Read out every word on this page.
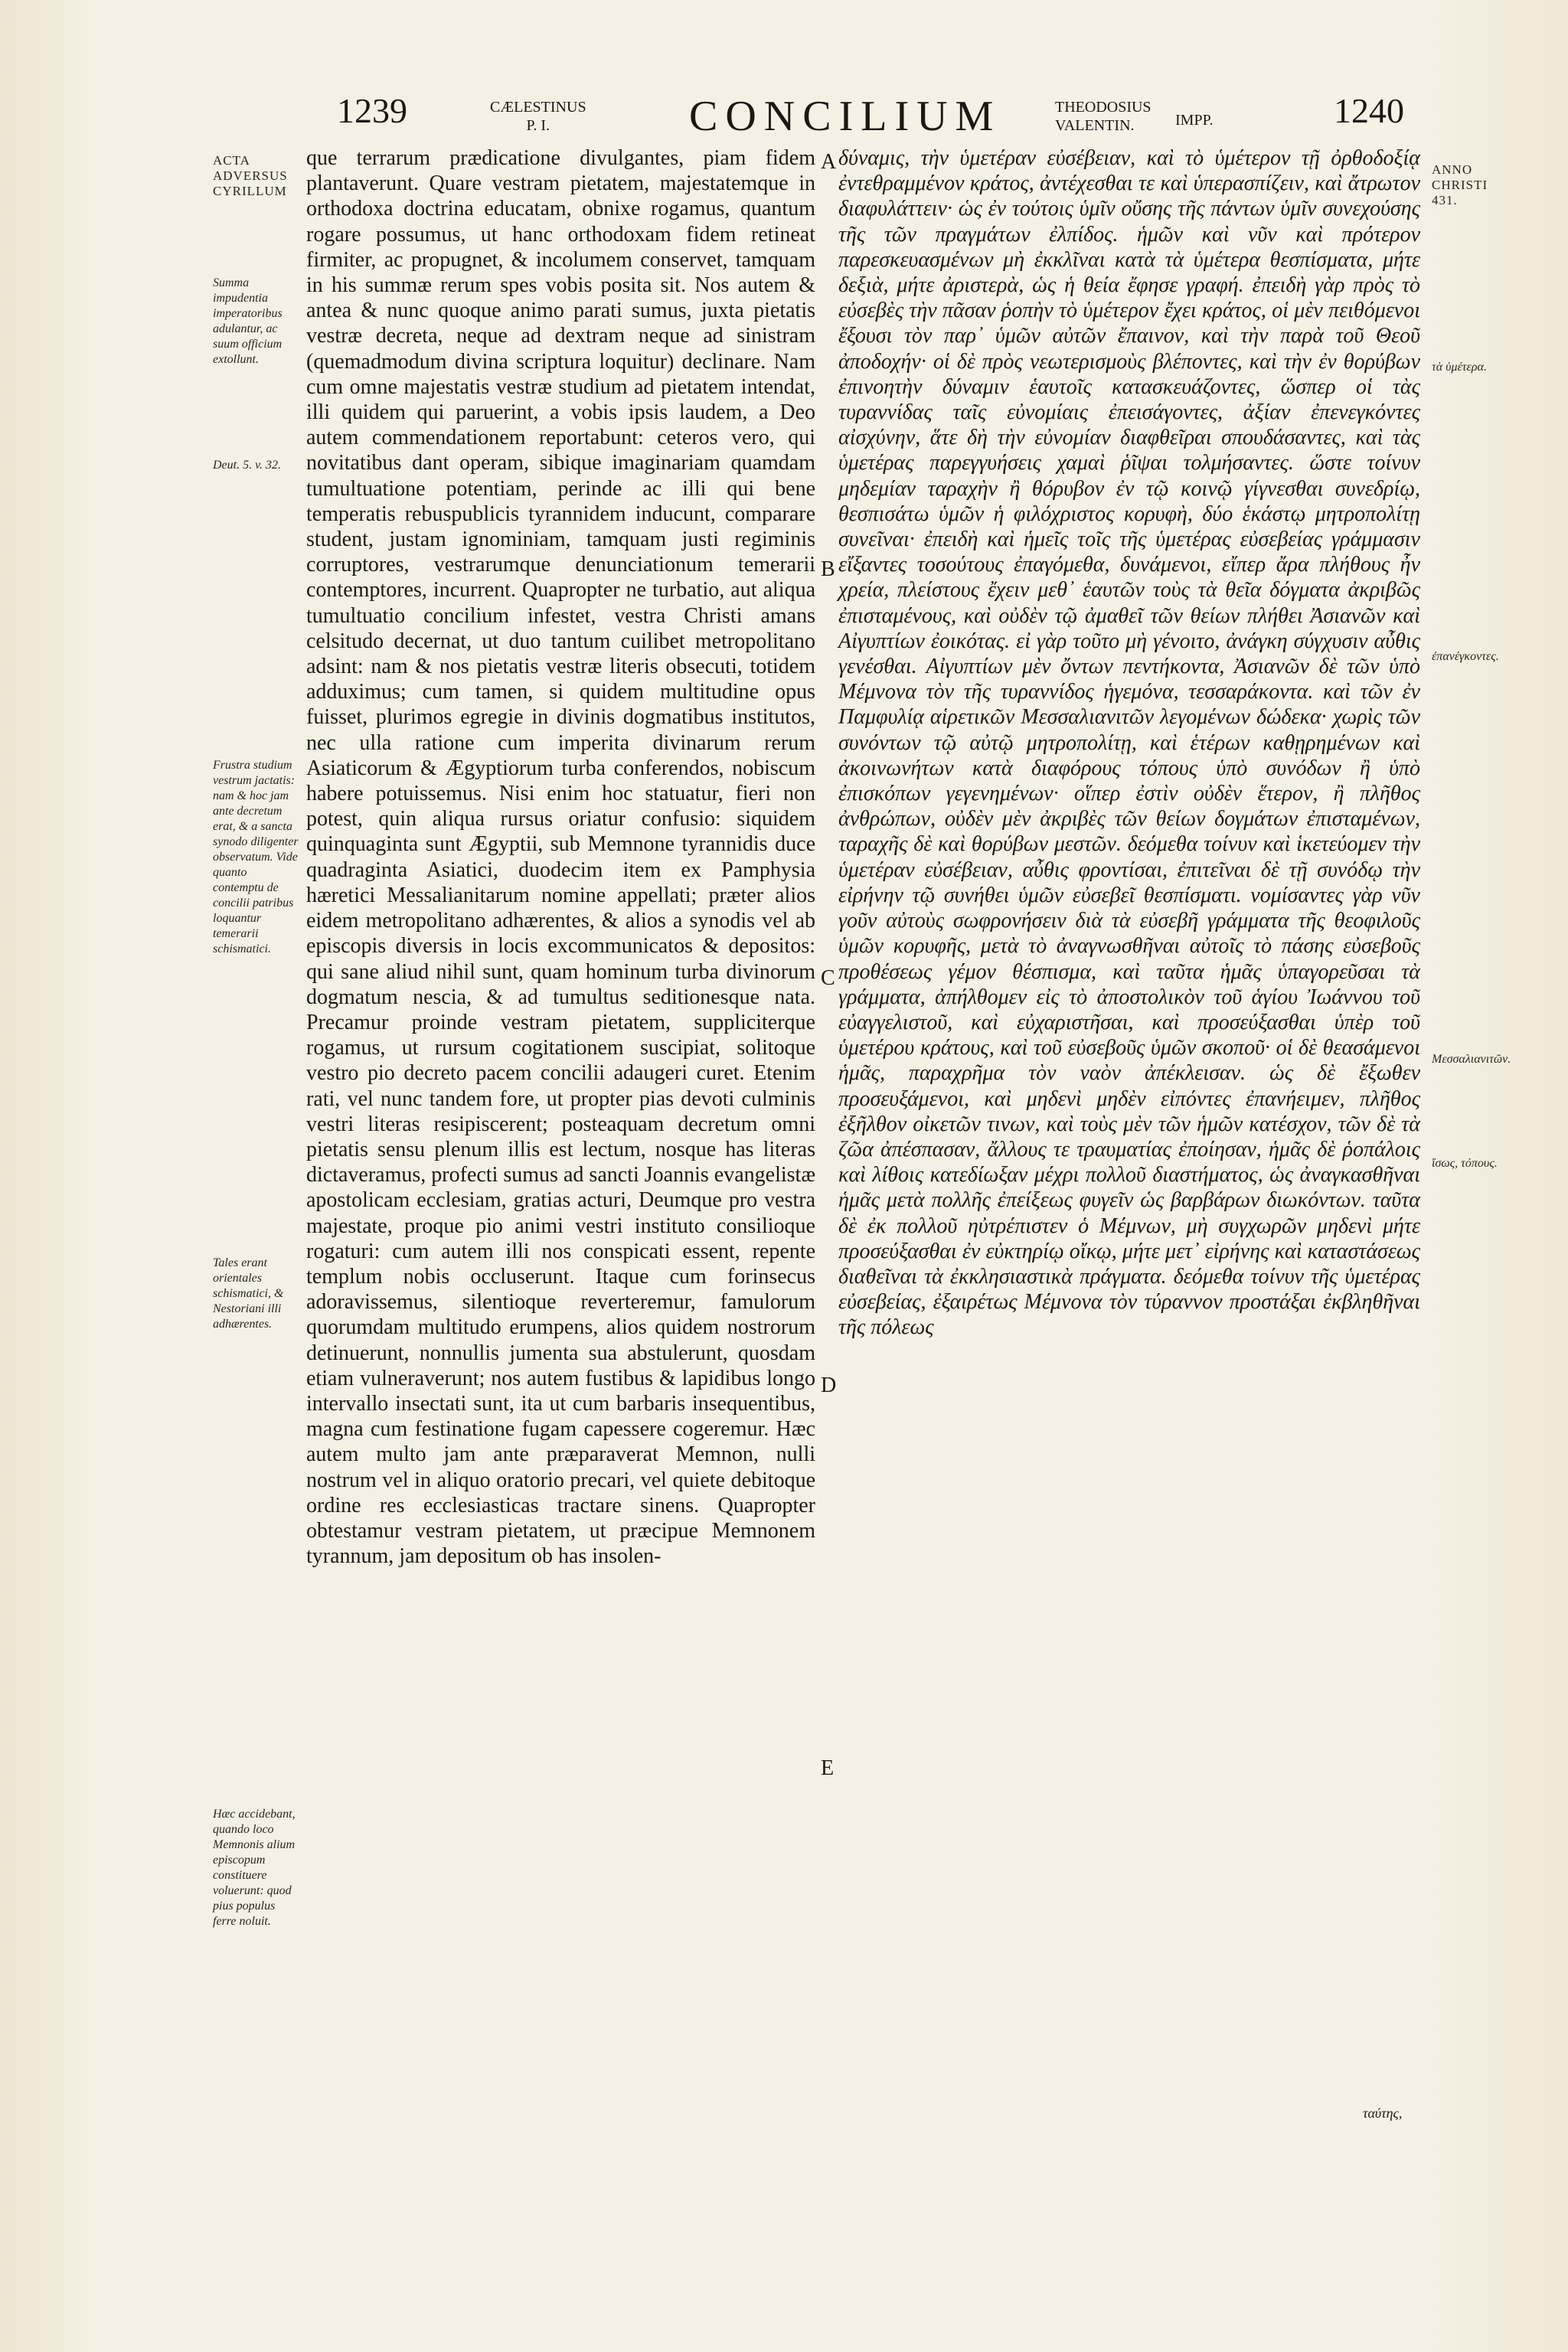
1239	CÆLESTINUS
P. I.	CONCILIUM	THEODOSIUS
VALENTIN.	IMPP.	1240
ACTA ADVERSUS CYRILLUM
Summa impudentia imperatoribus adulantur, ac suum officium extollunt.
Deut. 5. v. 32.
Frustra studium vestrum jactatis: nam & hoc jam ante decretum erat, & a sancta synodo diligenter observatum. Vide quanto contemptu de concilii patribus loquantur temerarii schismatici.
Tales erant orientales schismatici, & Nestoriani illi adhærentes.
Hæc accidebant, quando loco Memnonis alium episcopum constituere voluerunt: quod pius populus ferre noluit.
ANNO CHRISTI 431.
τὰ ὑμέτερα.
ἐπανέγκοντες.
Μεσσαλιανιτῶν.
ἴσως, τόπους.
A
B
C
D
E
que terrarum prædicatione divulgantes, piam fidem plantaverunt. Quare vestram pietatem, majestatemque in orthodoxa doctrina educatam, obnixe rogamus, quantum rogare possumus, ut hanc orthodoxam fidem retineat firmiter, ac propugnet, & incolumem conservet, tamquam in his summæ rerum spes vobis posita sit. Nos autem & antea & nunc quoque animo parati sumus, juxta pietatis vestræ decreta, neque ad dextram neque ad sinistram (quemadmodum divina scriptura loquitur) declinare. Nam cum omne majestatis vestræ studium ad pietatem intendat, illi quidem qui paruerint, a vobis ipsis laudem, a Deo autem commendationem reportabunt: ceteros vero, qui novitatibus dant operam, sibique imaginariam quamdam tumultuatione potentiam, perinde ac illi qui bene temperatis rebuspublicis tyrannidem inducunt, comparare student, justam ignominiam, tamquam justi regiminis corruptores, vestrarumque denunciationum temerarii contemptores, incurrent. Quapropter ne turbatio, aut aliqua tumultuatio concilium infestet, vestra Christi amans celsitudo decernat, ut duo tantum cuilibet metropolitano adsint: nam & nos pietatis vestræ literis obsecuti, totidem adduximus; cum tamen, si quidem multitudine opus fuisset, plurimos egregie in divinis dogmatibus institutos, nec ulla ratione cum imperita divinarum rerum Asiaticorum & Ægyptiorum turba conferendos, nobiscum habere potuissemus. Nisi enim hoc statuatur, fieri non potest, quin aliqua rursus oriatur confusio: siquidem quinquaginta sunt Ægyptii, sub Memnone tyrannidis duce quadraginta Asiatici, duodecim item ex Pamphysia hæretici Messalianitarum nomine appellati; præter alios eidem metropolitano adhærentes, & alios a synodis vel ab episcopis diversis in locis excommunicatos & depositos: qui sane aliud nihil sunt, quam hominum turba divinorum dogmatum nescia, & ad tumultus seditionesque nata. Precamur proinde vestram pietatem, suppliciterque rogamus, ut rursum cogitationem suscipiat, solitoque vestro pio decreto pacem concilii adaugeri curet. Etenim rati, vel nunc tandem fore, ut propter pias devoti culminis vestri literas resipiscerent; posteaquam decretum omni pietatis sensu plenum illis est lectum, nosque has literas dictaveramus, profecti sumus ad sancti Joannis evangelistæ apostolicam ecclesiam, gratias acturi, Deumque pro vestra majestate, proque pio animi vestri instituto consilioque rogaturi: cum autem illi nos conspicati essent, repente templum nobis occluserunt. Itaque cum forinsecus adoravissemus, silentioque reverteremur, famulorum quorumdam multitudo erumpens, alios quidem nostrorum detinuerunt, nonnullis jumenta sua abstulerunt, quosdam etiam vulneraverunt; nos autem fustibus & lapidibus longo intervallo insectati sunt, ita ut cum barbaris insequentibus, magna cum festinatione fugam capessere cogeremur. Hæc autem multo jam ante præparaverat Memnon, nulli nostrum vel in aliquo oratorio precari, vel quiete debitoque ordine res ecclesiasticas tractare sinens. Quapropter obtestamur vestram pietatem, ut præcipue Memnonem tyrannum, jam depositum ob has insolen-
δύναμις, τὴν ὑμετέραν εὐσέβειαν, καὶ τὸ ὑμέτερον τῇ ὀρθοδοξίᾳ ἐντεθραμμένον κράτος, ἀντέχεσθαι τε καὶ ὑπερασπίζειν, καὶ ἄτρωτον διαφυλάττειν· ὡς ἐν τούτοις ὑμῖν οὔσης τῆς πάντων ὑμῖν συνεχούσης τῆς τῶν πραγμάτων ἐλπίδος. ἡμῶν καὶ νῦν καὶ πρότερον παρεσκευασμένων μὴ ἐκκλῖναι κατὰ τὰ ὑμέτερα θεσπίσματα, μήτε δεξιὰ, μήτε ἀριστερὰ, ὡς ἡ θεία ἔφησε γραφή. ἐπειδὴ γὰρ πρὸς τὸ εὐσεβὲς τὴν πᾶσαν ῥοπὴν τὸ ὑμέτερον ἔχει κράτος, οἱ μὲν πειθόμενοι ἔξουσι τὸν παρ᾽ ὑμῶν αὐτῶν ἔπαινον, καὶ τὴν παρὰ τοῦ Θεοῦ ἀποδοχήν· οἱ δὲ πρὸς νεωτερισμοὺς βλέποντες, καὶ τὴν ἐν θορύβων ἐπινοητὴν δύναμιν ἑαυτοῖς κατασκευάζοντες, ὥσπερ οἱ τὰς τυραννίδας ταῖς εὐνομίαις ἐπεισάγοντες, ἀξίαν ἐπενεγκόντες αἰσχύνην, ἅτε δὴ τὴν εὐνομίαν διαφθεῖραι σπουδάσαντες, καὶ τὰς ὑμετέρας παρεγγυήσεις χαμαὶ ῥῖψαι τολμήσαντες. ὥστε τοίνυν μηδεμίαν ταραχὴν ἢ θόρυβον ἐν τῷ κοινῷ γίγνεσθαι συνεδρίῳ, θεσπισάτω ὑμῶν ἡ φιλόχριστος κορυφὴ, δύο ἑκάστῳ μητροπολίτῃ συνεῖναι· ἐπειδὴ καὶ ἡμεῖς τοῖς τῆς ὑμετέρας εὐσεβείας γράμμασιν εἴξαντες τοσούτους ἐπαγόμεθα, δυνάμενοι, εἴπερ ἄρα πλήθους ἦν χρεία, πλείστους ἔχειν μεθ᾽ ἑαυτῶν τοὺς τὰ θεῖα δόγματα ἀκριβῶς ἐπισταμένους, καὶ οὐδὲν τῷ ἀμαθεῖ τῶν θείων πλήθει Ἀσιανῶν καὶ Αἰγυπτίων ἐοικότας. εἰ γὰρ τοῦτο μὴ γένοιτο, ἀνάγκη σύγχυσιν αὖθις γενέσθαι. Αἰγυπτίων μὲν ὄντων πεντήκοντα, Ἀσιανῶν δὲ τῶν ὑπὸ Μέμνονα τὸν τῆς τυραννίδος ἡγεμόνα, τεσσαράκοντα. καὶ τῶν ἐν Παμφυλίᾳ αἱρετικῶν Μεσσαλιανιτῶν λεγομένων δώδεκα· χωρὶς τῶν συνόντων τῷ αὐτῷ μητροπολίτῃ, καὶ ἑτέρων καθῃρημένων καὶ ἀκοινωνήτων κατὰ διαφόρους τόπους ὑπὸ συνόδων ἢ ὑπὸ ἐπισκόπων γεγενημένων· οἵπερ ἐστὶν οὐδὲν ἕτερον, ἢ πλῆθος ἀνθρώπων, οὐδὲν μὲν ἀκριβὲς τῶν θείων δογμάτων ἐπισταμένων, ταραχῆς δὲ καὶ θορύβων μεστῶν. δεόμεθα τοίνυν καὶ ἱκετεύομεν τὴν ὑμετέραν εὐσέβειαν, αὖθις φροντίσαι, ἐπιτεῖναι δὲ τῇ συνόδῳ τὴν εἰρήνην τῷ συνήθει ὑμῶν εὐσεβεῖ θεσπίσματι. νομίσαντες γὰρ νῦν γοῦν αὐτοὺς σωφρονήσειν διὰ τὰ εὐσεβῆ γράμματα τῆς θεοφιλοῦς ὑμῶν κορυφῆς, μετὰ τὸ ἀναγνωσθῆναι αὐτοῖς τὸ πάσης εὐσεβοῦς προθέσεως γέμον θέσπισμα, καὶ ταῦτα ἡμᾶς ὑπαγορεῦσαι τὰ γράμματα, ἀπήλθομεν εἰς τὸ ἀποστολικὸν τοῦ ἁγίου Ἰωάννου τοῦ εὐαγγελιστοῦ, καὶ εὐχαριστῆσαι, καὶ προσεύξασθαι ὑπὲρ τοῦ ὑμετέρου κράτους, καὶ τοῦ εὐσεβοῦς ὑμῶν σκοποῦ· οἱ δὲ θεασάμενοι ἡμᾶς, παραχρῆμα τὸν ναὸν ἀπέκλεισαν. ὡς δὲ ἔξωθεν προσευξάμενοι, καὶ μηδενὶ μηδὲν εἰπόντες ἐπανήειμεν, πλῆθος ἐξῆλθον οἰκετῶν τινων, καὶ τοὺς μὲν τῶν ἡμῶν κατέσχον, τῶν δὲ τὰ ζῶα ἀπέσπασαν, ἄλλους τε τραυματίας ἐποίησαν, ἡμᾶς δὲ ῥοπάλοις καὶ λίθοις κατεδίωξαν μέχρι πολλοῦ διαστήματος, ὡς ἀναγκασθῆναι ἡμᾶς μετὰ πολλῆς ἐπείξεως φυγεῖν ὡς βαρβάρων διωκόντων. ταῦτα δὲ ἐκ πολλοῦ ηὐτρέπιστεν ὁ Μέμνων, μὴ συγχωρῶν μηδενὶ μήτε προσεύξασθαι ἐν εὐκτηρίῳ οἴκῳ, μήτε μετ᾽ εἰρήνης καὶ καταστάσεως διαθεῖναι τὰ ἐκκλησιαστικὰ πράγματα. δεόμεθα τοίνυν τῆς ὑμετέρας εὐσεβείας, ἐξαιρέτως Μέμνονα τὸν τύραννον προστάξαι ἐκβληθῆναι τῆς πόλεως
ταύτης,
